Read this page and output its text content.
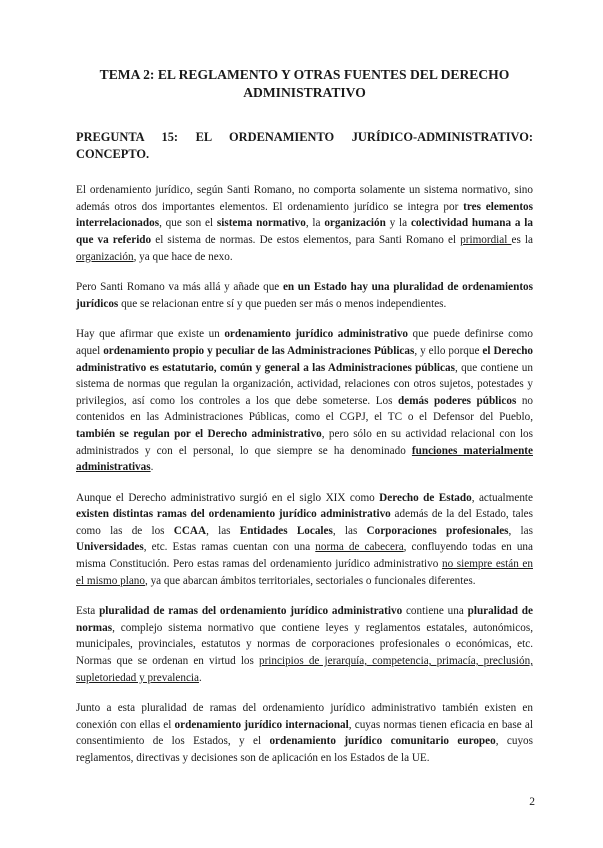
TEMA 2: EL REGLAMENTO Y OTRAS FUENTES DEL DERECHO ADMINISTRATIVO
PREGUNTA 15: EL ORDENAMIENTO JURÍDICO-ADMINISTRATIVO: CONCEPTO.

El ordenamiento jurídico, según Santi Romano, no comporta solamente un sistema normativo, sino además otros dos importantes elementos. El ordenamiento jurídico se integra por tres elementos interrelacionados, que son el sistema normativo, la organización y la colectividad humana a la que va referido el sistema de normas. De estos elementos, para Santi Romano el primordial es la organización, ya que hace de nexo.

Pero Santi Romano va más allá y añade que en un Estado hay una pluralidad de ordenamientos jurídicos que se relacionan entre sí y que pueden ser más o menos independientes.

Hay que afirmar que existe un ordenamiento jurídico administrativo que puede definirse como aquel ordenamiento propio y peculiar de las Administraciones Públicas, y ello porque el Derecho administrativo es estatutario, común y general a las Administraciones públicas, que contiene un sistema de normas que regulan la organización, actividad, relaciones con otros sujetos, potestades y privilegios, así como los controles a los que debe someterse. Los demás poderes públicos no contenidos en las Administraciones Públicas, como el CGPJ, el TC o el Defensor del Pueblo, también se regulan por el Derecho administrativo, pero sólo en su actividad relacional con los administrados y con el personal, lo que siempre se ha denominado funciones materialmente administrativas.

Aunque el Derecho administrativo surgió en el siglo XIX como Derecho de Estado, actualmente existen distintas ramas del ordenamiento jurídico administrativo además de la del Estado, tales como las de los CCAA, las Entidades Locales, las Corporaciones profesionales, las Universidades, etc. Estas ramas cuentan con una norma de cabecera, confluyendo todas en una misma Constitución. Pero estas ramas del ordenamiento jurídico administrativo no siempre están en el mismo plano, ya que abarcan ámbitos territoriales, sectoriales o funcionales diferentes.

Esta pluralidad de ramas del ordenamiento jurídico administrativo contiene una pluralidad de normas, complejo sistema normativo que contiene leyes y reglamentos estatales, autonómicos, municipales, provinciales, estatutos y normas de corporaciones profesionales o económicas, etc. Normas que se ordenan en virtud los principios de jerarquía, competencia, primacía, preclusión, supletoriedad y prevalencia.

Junto a esta pluralidad de ramas del ordenamiento jurídico administrativo también existen en conexión con ellas el ordenamiento jurídico internacional, cuyas normas tienen eficacia en base al consentimiento de los Estados, y el ordenamiento jurídico comunitario europeo, cuyos reglamentos, directivas y decisiones son de aplicación en los Estados de la UE.

2
